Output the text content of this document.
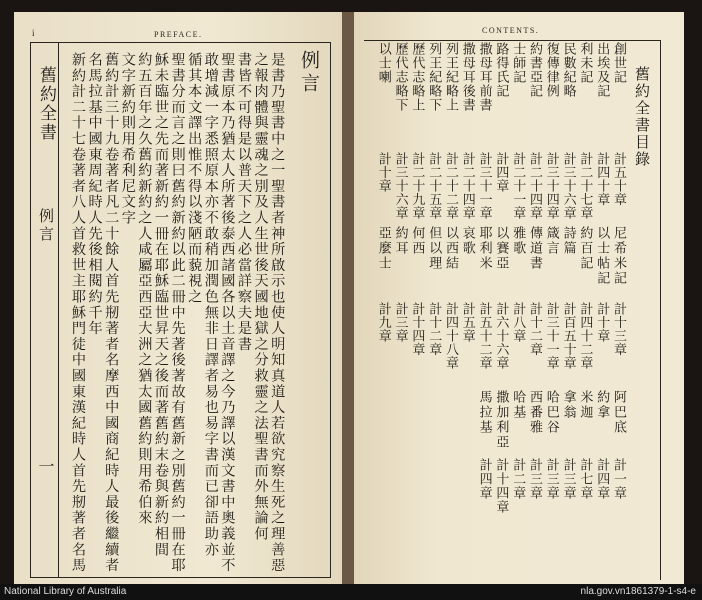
i	PREFACE.
舊約全書
例言
一
例言
是書乃聖書中之一聖書者神所啟示也使人明知真道人若欲究察生死之理善惡
之報肉體與靈魂之別及人生世後天國地獄之分救靈之法聖書而外無論何
書皆不可得是以普天下之人必當詳察夫是書
聖書原本乃猶太人所著後泰西諸國各以土音譯之今乃譯以漢文書中奧義並不
敢增減一字悉照原本亦不敢稍加潤色無非日譯者易也易字書而已卻語助亦
循其本文譯出惟不得以淺陋而藐視之
聖書分而言之則曰舊約新約以此二冊中先著後著故有舊新之別舊約一冊在耶
穌未臨世之先而著新約一冊在耶穌臨世昇天之後而著舊約末卷與新約相間
約五百年之久舊約新約之人咸屬亞西亞大洲之猶太國舊約則用希伯來
文字新約則用希利尼文字
舊約計三十九卷著者凡二十餘人首先剏著者名摩西中國商紀時人最後繼續者
名馬拉基中國東周紀時人先後相閱約千年
新約計二十七卷著者八人首救世主耶穌門徒中國東漢紀時人首先剏著者名馬
CONTENTS.
舊約全書目錄
創世記
出埃及記
利未記
民數紀略
復傳律例
約書亞記
士師記
路得氏記
撒母耳前書
撒母耳後書
列王紀略上
列王紀略下
歷代志略上
歷代志略下
以士喇
計五十章
計四十章
計二十七章
計三十六章
計三十四章
計二十四章
計二十一章
計四章
計三十一章
計二十四章
計二十二章
計二十五章
計二十九章
計三十六章
計十章
尼希米記
以士帖記
約百記
詩篇
箴言
傳道書
雅歌
以賽亞
耶利米
哀歌
以西結
但以理
何西
約耳
亞麼士
計十三章
計十章
計四十二章
計百五十章
計三十一章
計十二章
計八章
計六十六章
計五十二章
計五章
計四十八章
計十二章
計十四章
計三章
計九章
阿巴底
約拿
米迦
拿翁
哈巴谷
西番雅
哈基
撒加利亞
馬拉基
計一章
計四章
計七章
計三章
計三章
計三章
計二章
計十四章
計四章
National Library of Australia	nla.gov.vn1861379-1-s4-e
